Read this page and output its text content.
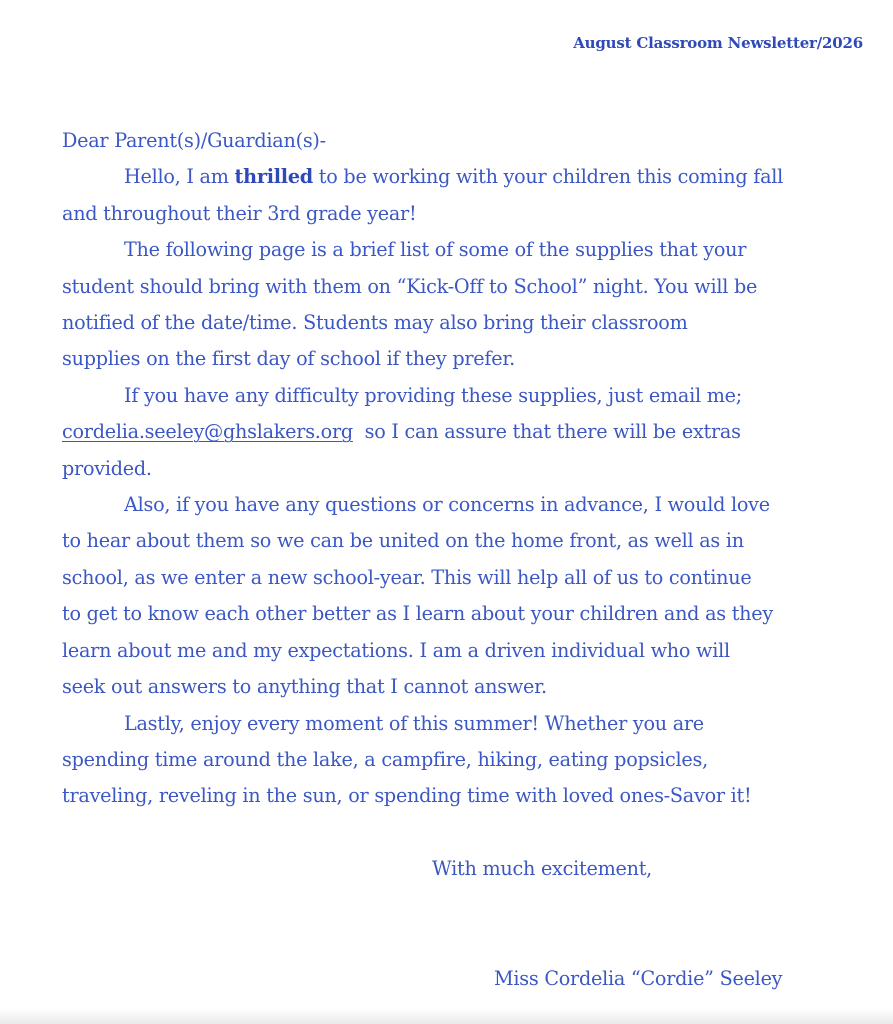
August Classroom Newsletter/2026
Dear Parent(s)/Guardian(s)-
Hello, I am thrilled to be working with your children this coming fall
and throughout their 3rd grade year!
The following page is a brief list of some of the supplies that your
student should bring with them on “Kick-Off to School” night. You will be
notified of the date/time. Students may also bring their classroom
supplies on the first day of school if they prefer.
If you have any difficulty providing these supplies, just email me;
cordelia.seeley@ghslakers.org  so I can assure that there will be extras
provided.
Also, if you have any questions or concerns in advance, I would love
to hear about them so we can be united on the home front, as well as in
school, as we enter a new school-year. This will help all of us to continue
to get to know each other better as I learn about your children and as they
learn about me and my expectations. I am a driven individual who will
seek out answers to anything that I cannot answer.
Lastly, enjoy every moment of this summer! Whether you are
spending time around the lake, a campfire, hiking, eating popsicles,
traveling, reveling in the sun, or spending time with loved ones-Savor it!
With much excitement,
Miss Cordelia “Cordie” Seeley
